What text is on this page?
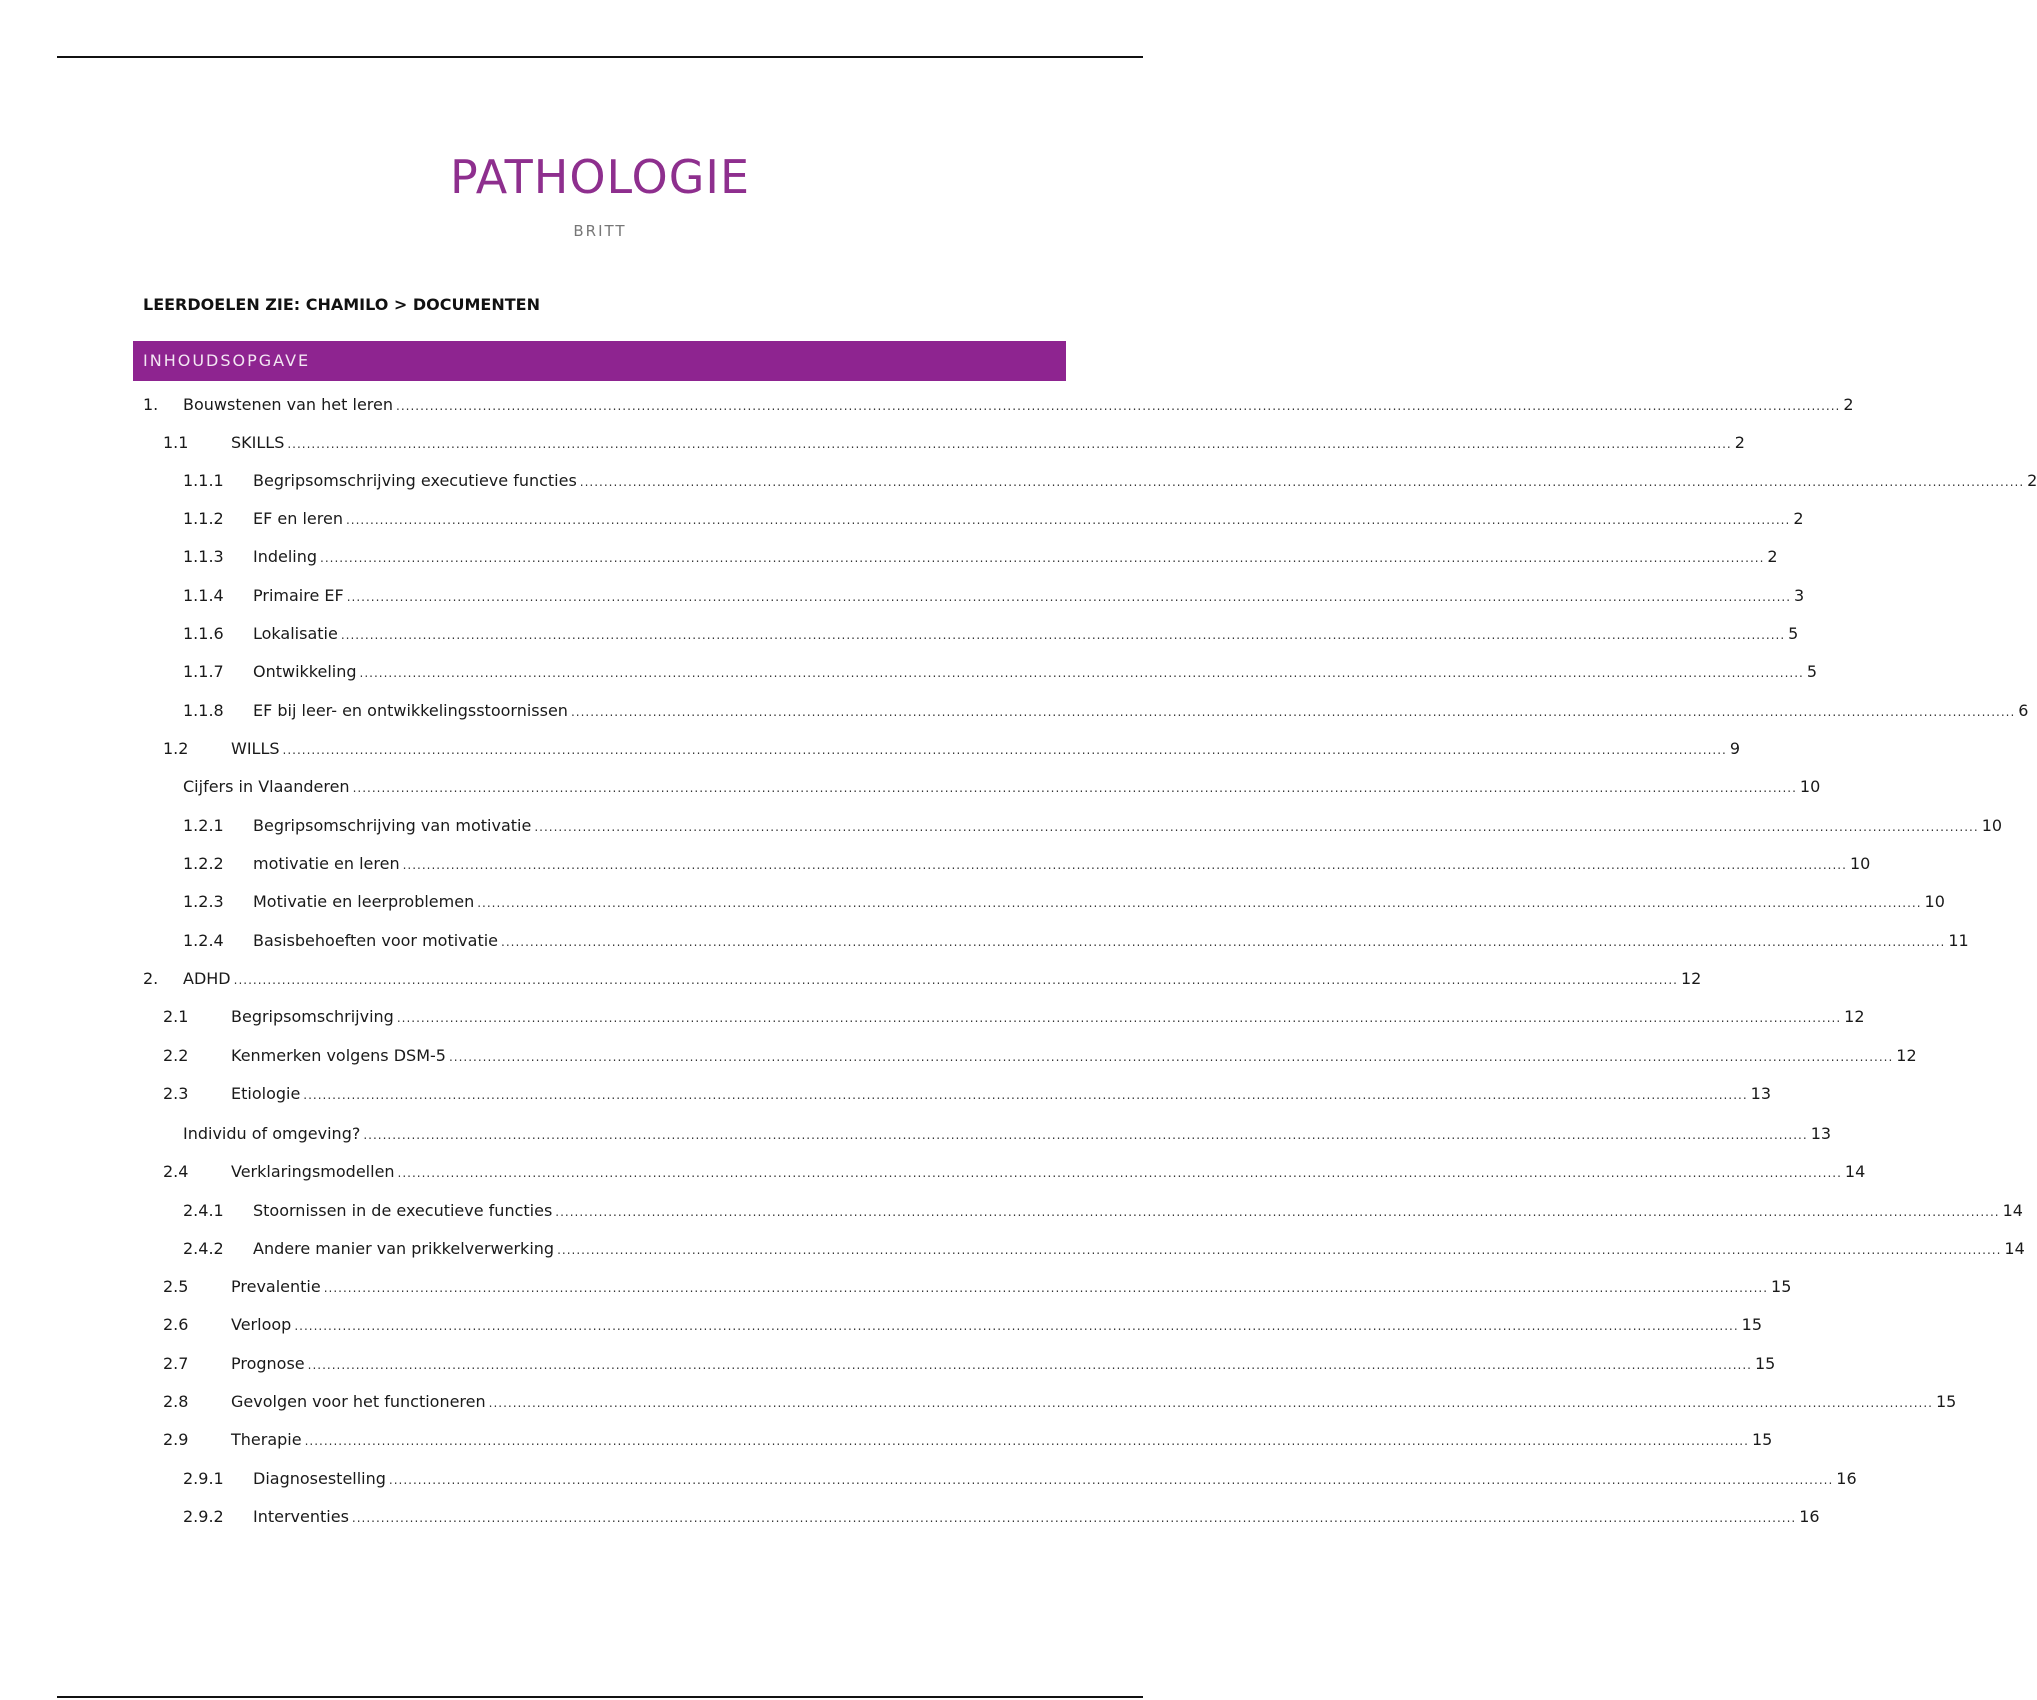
PATHOLOGIE
BRITT
LEERDOELEN ZIE: CHAMILO > DOCUMENTEN
INHOUDSOPGAVE
1.	Bouwstenen van het leren ............................................................................................................................................................................................................................................................................................................ 2
1.1	SKILLS ............................................................................................................................................................................................................................................................................................................ 2
1.1.1	Begripsomschrijving executieve functies ............................................................................................................................................................................................................................................................................................................ 2
1.1.2	EF en leren ............................................................................................................................................................................................................................................................................................................ 2
1.1.3	Indeling ............................................................................................................................................................................................................................................................................................................ 2
1.1.4	Primaire EF ............................................................................................................................................................................................................................................................................................................ 3
1.1.6	Lokalisatie ............................................................................................................................................................................................................................................................................................................ 5
1.1.7	Ontwikkeling ............................................................................................................................................................................................................................................................................................................ 5
1.1.8	EF bij leer- en ontwikkelingsstoornissen ............................................................................................................................................................................................................................................................................................................ 6
1.2	WILLS ............................................................................................................................................................................................................................................................................................................ 9
Cijfers in Vlaanderen ............................................................................................................................................................................................................................................................................................................ 10
1.2.1	Begripsomschrijving van motivatie ............................................................................................................................................................................................................................................................................................................ 10
1.2.2	motivatie en leren ............................................................................................................................................................................................................................................................................................................ 10
1.2.3	Motivatie en leerproblemen ............................................................................................................................................................................................................................................................................................................ 10
1.2.4	Basisbehoeften voor motivatie ............................................................................................................................................................................................................................................................................................................ 11
2.	ADHD ............................................................................................................................................................................................................................................................................................................ 12
2.1	Begripsomschrijving ............................................................................................................................................................................................................................................................................................................ 12
2.2	Kenmerken volgens DSM-5 ............................................................................................................................................................................................................................................................................................................ 12
2.3	Etiologie ............................................................................................................................................................................................................................................................................................................ 13
Individu of omgeving? ............................................................................................................................................................................................................................................................................................................ 13
2.4	Verklaringsmodellen ............................................................................................................................................................................................................................................................................................................ 14
2.4.1	Stoornissen in de executieve functies ............................................................................................................................................................................................................................................................................................................ 14
2.4.2	Andere manier van prikkelverwerking ............................................................................................................................................................................................................................................................................................................ 14
2.5	Prevalentie ............................................................................................................................................................................................................................................................................................................ 15
2.6	Verloop ............................................................................................................................................................................................................................................................................................................ 15
2.7	Prognose ............................................................................................................................................................................................................................................................................................................ 15
2.8	Gevolgen voor het functioneren ............................................................................................................................................................................................................................................................................................................ 15
2.9	Therapie ............................................................................................................................................................................................................................................................................................................ 15
2.9.1	Diagnosestelling ............................................................................................................................................................................................................................................................................................................ 16
2.9.2	Interventies ............................................................................................................................................................................................................................................................................................................ 16
